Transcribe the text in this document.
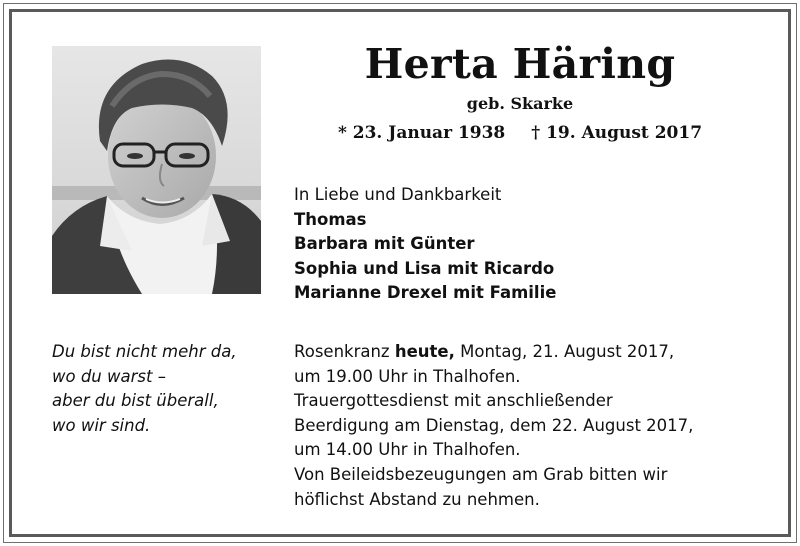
Herta Häring
geb. Skarke
* 23. Januar 1938 † 19. August 2017
In Liebe und Dankbarkeit
Thomas
Barbara mit Günter
Sophia und Lisa mit Ricardo
Marianne Drexel mit Familie
Du bist nicht mehr da,
wo du warst –
aber du bist überall,
wo wir sind.
Rosenkranz heute, Montag, 21. August 2017,
um 19.00 Uhr in Thalhofen.
Trauergottesdienst mit anschließender
Beerdigung am Dienstag, dem 22. August 2017,
um 14.00 Uhr in Thalhofen.
Von Beileidsbezeugungen am Grab bitten wir
höflichst Abstand zu nehmen.
